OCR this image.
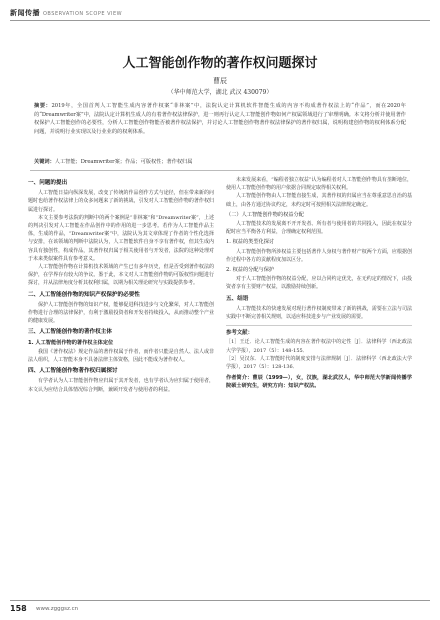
新闻传播 OBSERVATION SCOPE VIEW
人工智能创作物的著作权问题探讨
曹辰
（华中师范大学，湖北 武汉 430079）
摘要：2019年，全国首判人工智能生成内容著作权案“菲林案”中，法院认定计算机软件智能生成的内容不构成著作权法上的“作品”，而在2020年的“Dreamwriter案”中，法院认定计算机生成人的有着著作权法律保护，进一则再行认定人工智能创作物如何产权属领域进行了审理明确。本文将分析并使用著作权保护人工智能创作的必要性，分析人工智能创作物能否被著作权法保护，并讨论人工智能创作物著作权法律保护的著作权归属，说明构建创作物的权利体系分配问题，并说明行业实现以及行业业的的权利体系。
关键词：人工智能；Dreamwriter案；作品；可版权性；著作权归属
一、问题的提出

人工智能日益向纵深发展，改变了传统的作品创作方式与途径，但在带来新的问题时也给著作权法律上的众多问题来了新的挑战，引发对人工智能创作物的著作权归属进行探讨。

本文主要参考法院的判断中的两个案例是“菲林案”和“Dreamwriter案”，上述的判决引发对人工智能在作品创作中的作用的进一步思考。若作为人工智能作品主体，生成的作品，“Dreamwriter案”中，法院认为其文章体现了作者的个性化选择与安排，在该领域的判断中法院认为，人工智能软件自身不享有著作权，但其生成内容具有独创性，构成作品，其著作权归属于相关使用者与开发者，法院的这种处理对于未来类似案件具有参考意义。

人工智能创作物在计算机技术领域的产生已有多年历史，但是否受到著作权法的保护，在学界存有较大的争议。鉴于此，本文对人工智能创作物的可版权性问题进行探讨，并从法律角度分析其权利归属，以期为相关理论研究与实践提供参考。

二、人工智能创作物的知识产权保护的必要性

保护人工智能创作物的知识产权，能够促进科技进步与文化繁荣，对人工智能创作物进行合理的法律保护，有利于激励投资者和开发者持续投入，从而推动整个产业的健康发展。

三、人工智能创作物的著作权主体
1. 人工智能创作物的著作权主体定位

我国《著作权法》规定作品的著作权属于作者，而作者只能是自然人、法人或非法人组织，人工智能本身不具备法律主体资格，因此不能成为著作权人。

四、人工智能创作物著作权归属探讨

有学者认为人工智能创作物应归属于其开发者，也有学者认为应归属于使用者，本文认为应结合具体情况综合判断，兼顾开发者与使用者的利益。

未来发展来看，“编程者独立权益”认为编程者对人工智能创作物具有垄断地位，使用人工智能创作物的用户依据合同规定取得相关权利。

人工智能创作物由人工智能直接生成，其著作权的归属应当在尊重意思自治的基础上，由各方通过协议约定，未约定时可按照相关法律规定确定。

（二）人工智能创作物的权益分配

人工智能技术的发展离不开开发者、所有者与使用者的共同投入，因此在权益分配时应当平衡各方利益，合理确定权利范围。

1. 权益的类型化探讨

人工智能创作物所涉权益主要包括著作人身权与著作财产权两个方面，应根据创作过程中各方的贡献程度加以区分。

2. 权益的分配与保护

对于人工智能创作物的权益分配，应以合同约定优先，在无约定的情况下，由投资者享有主要财产权益，以激励持续创新。

五、结语

人工智能技术的快速发展对现行著作权制度带来了新的挑战，需要在立法与司法实践中不断完善相关规则，以适应科技进步与产业发展的需要。

参考文献：
［1］王迁．论人工智能生成的内容在著作权法中的定性［J］．法律科学（西北政法大学学报），2017（5）：148-155．
［2］吴汉东．人工智能时代的制度安排与法律规制［J］．法律科学（西北政法大学学报），2017（5）：128-136．
作者简介：曹辰（1999—），女，汉族，湖北武汉人，华中师范大学新闻传播学院硕士研究生，研究方向：知识产权法。
158 www.zgggsz.cn
